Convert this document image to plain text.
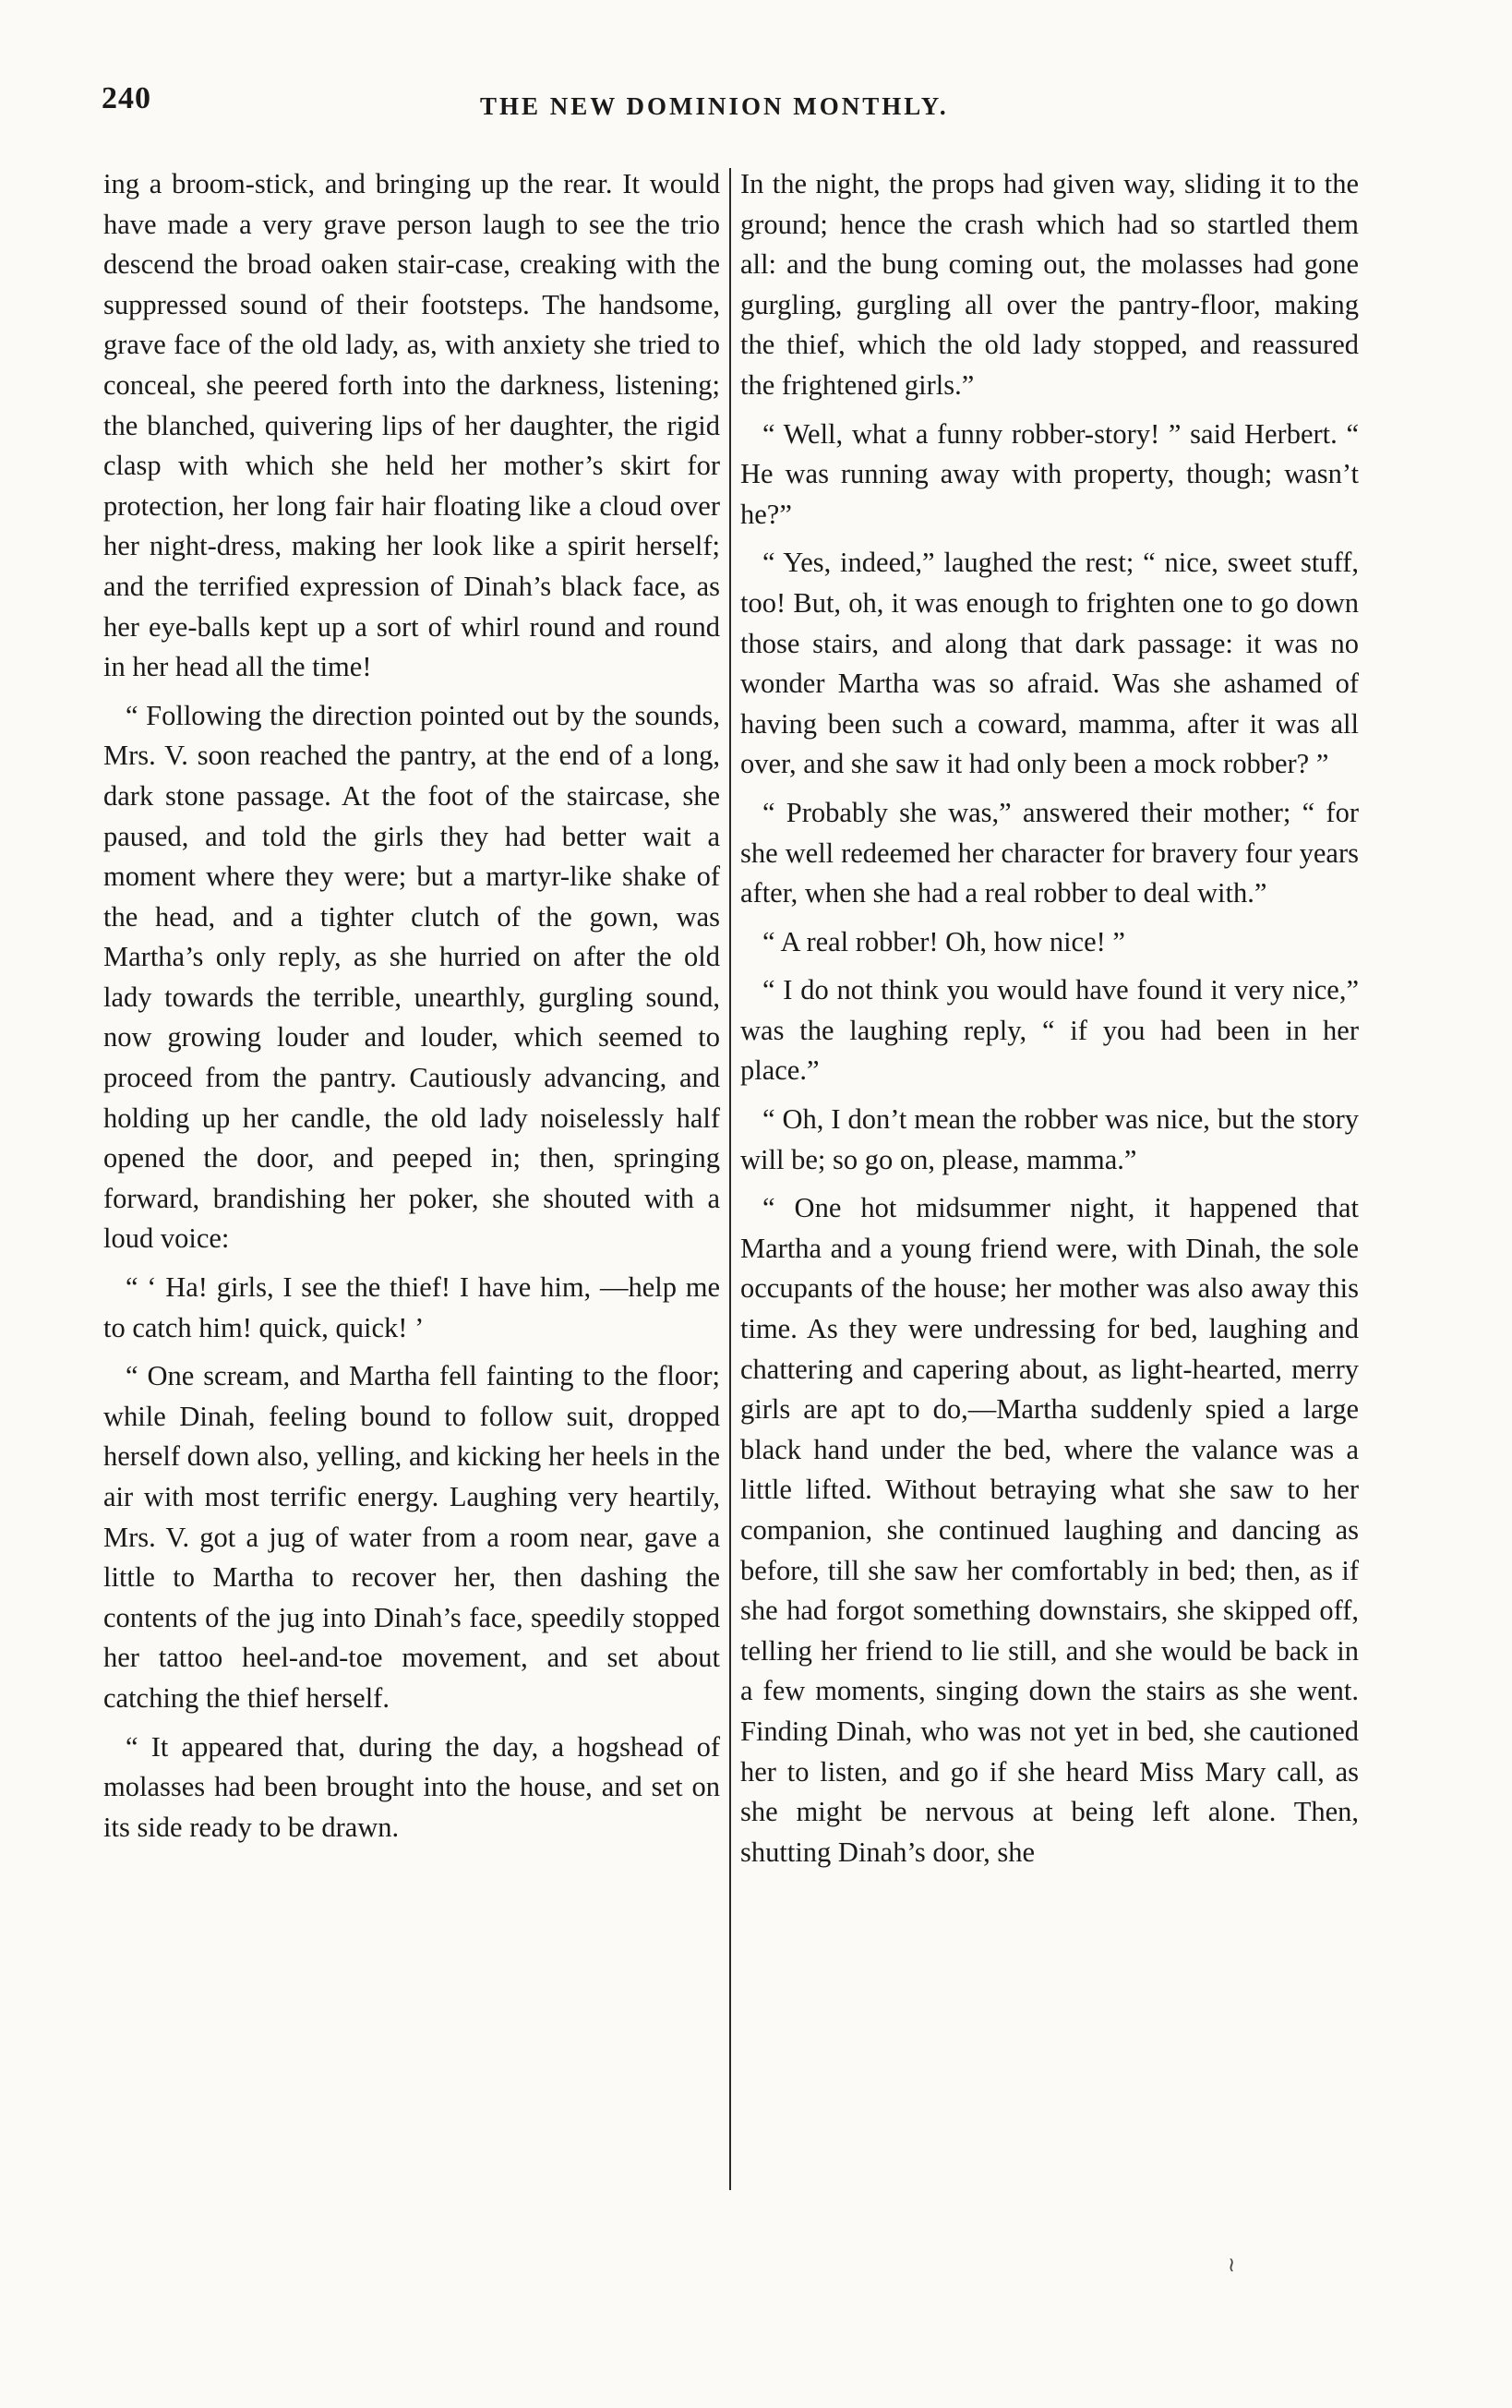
240	THE NEW DOMINION MONTHLY.

ing a broom-stick, and bringing up the rear. It would have made a very grave person laugh to see the trio descend the broad oaken stair-case, creaking with the suppressed sound of their footsteps. The handsome, grave face of the old lady, as, with anxiety she tried to conceal, she peered forth into the darkness, listening; the blanched, quivering lips of her daughter, the rigid clasp with which she held her mother’s skirt for protection, her long fair hair floating like a cloud over her night-dress, making her look like a spirit herself; and the terrified expression of Dinah’s black face, as her eye-balls kept up a sort of whirl round and round in her head all the time!

“ Following the direction pointed out by the sounds, Mrs. V. soon reached the pantry, at the end of a long, dark stone passage. At the foot of the staircase, she paused, and told the girls they had better wait a moment where they were; but a martyr-like shake of the head, and a tighter clutch of the gown, was Martha’s only reply, as she hurried on after the old lady towards the terrible, unearthly, gurgling sound, now growing louder and louder, which seemed to proceed from the pantry. Cautiously advancing, and holding up her candle, the old lady noiselessly half opened the door, and peeped in; then, springing forward, brandishing her poker, she shouted with a loud voice:

“ ‘ Ha! girls, I see the thief! I have him, —help me to catch him! quick, quick! ’

“ One scream, and Martha fell fainting to the floor; while Dinah, feeling bound to follow suit, dropped herself down also, yelling, and kicking her heels in the air with most terrific energy. Laughing very heartily, Mrs. V. got a jug of water from a room near, gave a little to Martha to recover her, then dashing the contents of the jug into Dinah’s face, speedily stopped her tattoo heel-and-toe movement, and set about catching the thief herself.

“ It appeared that, during the day, a hogshead of molasses had been brought into the house, and set on its side ready to be drawn.

In the night, the props had given way, sliding it to the ground; hence the crash which had so startled them all: and the bung coming out, the molasses had gone gurgling, gurgling all over the pantry-floor, making the thief, which the old lady stopped, and reassured the frightened girls.”

“ Well, what a funny robber-story! ” said Herbert. “ He was running away with property, though; wasn’t he?”

“ Yes, indeed,” laughed the rest; “ nice, sweet stuff, too! But, oh, it was enough to frighten one to go down those stairs, and along that dark passage: it was no wonder Martha was so afraid. Was she ashamed of having been such a coward, mamma, after it was all over, and she saw it had only been a mock robber? ”

“ Probably she was,” answered their mother; “ for she well redeemed her character for bravery four years after, when she had a real robber to deal with.”

“ A real robber! Oh, how nice! ”

“ I do not think you would have found it very nice,” was the laughing reply, “ if you had been in her place.”

“ Oh, I don’t mean the robber was nice, but the story will be; so go on, please, mamma.”

“ One hot midsummer night, it happened that Martha and a young friend were, with Dinah, the sole occupants of the house; her mother was also away this time. As they were undressing for bed, laughing and chattering and capering about, as light-hearted, merry girls are apt to do,—Martha suddenly spied a large black hand under the bed, where the valance was a little lifted. Without betraying what she saw to her companion, she continued laughing and dancing as before, till she saw her comfortably in bed; then, as if she had forgot something downstairs, she skipped off, telling her friend to lie still, and she would be back in a few moments, singing down the stairs as she went. Finding Dinah, who was not yet in bed, she cautioned her to listen, and go if she heard Miss Mary call, as she might be nervous at being left alone. Then, shutting Dinah’s door, she

≀
